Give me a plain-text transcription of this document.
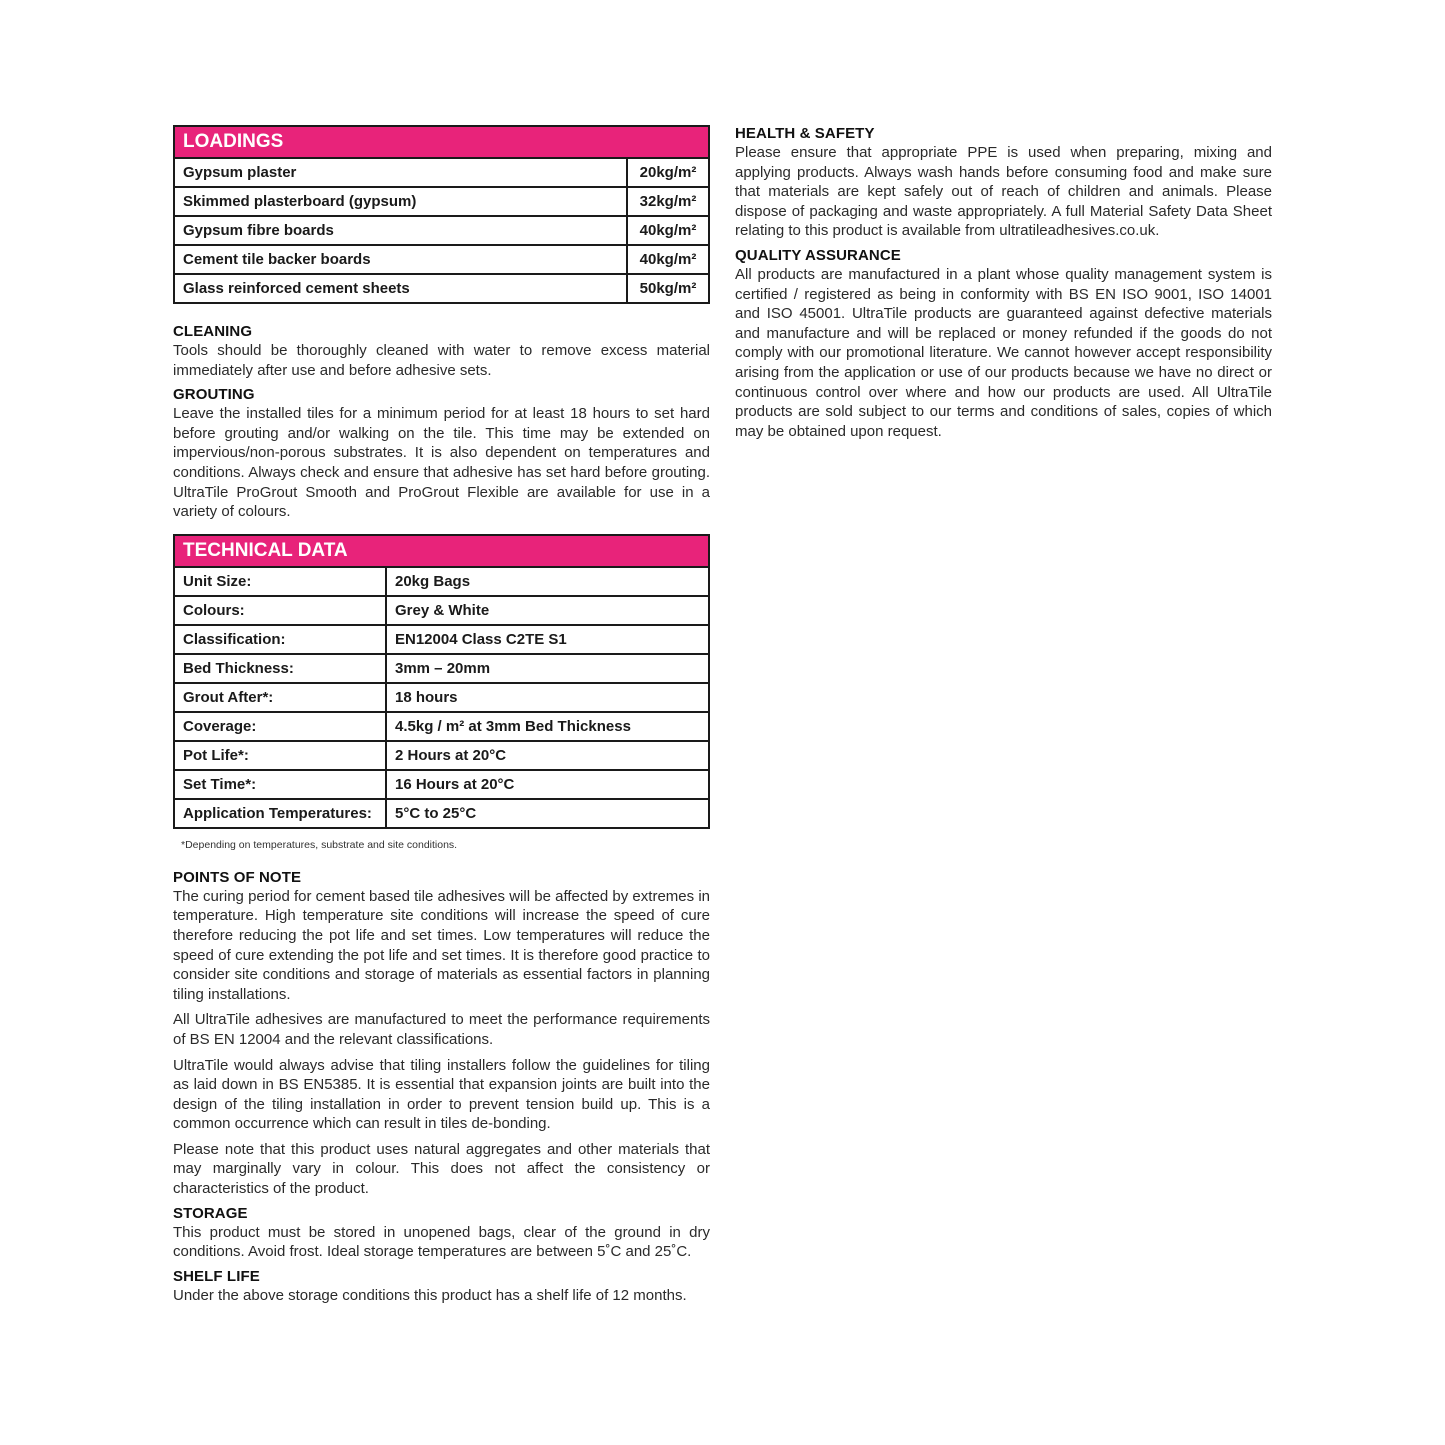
LOADINGS	
Gypsum plaster	20kg/m²
Skimmed plasterboard (gypsum)	32kg/m²
Gypsum fibre boards	40kg/m²
Cement tile backer boards	40kg/m²
Glass reinforced cement sheets	50kg/m²
CLEANING

Tools should be thoroughly cleaned with water to remove excess material immediately after use and before adhesive sets.

GROUTING

Leave the installed tiles for a minimum period for at least 18 hours to set hard before grouting and/or walking on the tile. This time may be extended on impervious/non-porous substrates. It is also dependent on temperatures and conditions. Always check and ensure that adhesive has set hard before grouting. UltraTile ProGrout Smooth and ProGrout Flexible are available for use in a variety of colours.

TECHNICAL DATA	
Unit Size:	20kg Bags
Colours:	Grey & White
Classification:	EN12004 Class C2TE S1
Bed Thickness:	3mm – 20mm
Grout After*:	18 hours
Coverage:	4.5kg / m² at 3mm Bed Thickness
Pot Life*:	2 Hours at 20°C
Set Time*:	16 Hours at 20°C
Application Temperatures:	5°C to 25°C
*Depending on temperatures, substrate and site conditions.
POINTS OF NOTE

The curing period for cement based tile adhesives will be affected by extremes in temperature. High temperature site conditions will increase the speed of cure therefore reducing the pot life and set times. Low temperatures will reduce the speed of cure extending the pot life and set times. It is therefore good practice to consider site conditions and storage of materials as essential factors in planning tiling installations.

All UltraTile adhesives are manufactured to meet the performance requirements of BS EN 12004 and the relevant classifications.

UltraTile would always advise that tiling installers follow the guidelines for tiling as laid down in BS EN5385. It is essential that expansion joints are built into the design of the tiling installation in order to prevent tension build up. This is a common occurrence which can result in tiles de-bonding.

Please note that this product uses natural aggregates and other materials that may marginally vary in colour. This does not affect the consistency or characteristics of the product.

STORAGE

This product must be stored in unopened bags, clear of the ground in dry conditions. Avoid frost. Ideal storage temperatures are between 5˚C and 25˚C.

SHELF LIFE

Under the above storage conditions this product has a shelf life of 12 months.

HEALTH & SAFETY

Please ensure that appropriate PPE is used when preparing, mixing and applying products. Always wash hands before consuming food and make sure that materials are kept safely out of reach of children and animals. Please dispose of packaging and waste appropriately. A full Material Safety Data Sheet relating to this product is available from ultratileadhesives.co.uk.

QUALITY ASSURANCE

All products are manufactured in a plant whose quality management system is certified / registered as being in conformity with BS EN ISO 9001, ISO 14001 and ISO 45001. UltraTile products are guaranteed against defective materials and manufacture and will be replaced or money refunded if the goods do not comply with our promotional literature. We cannot however accept responsibility arising from the application or use of our products because we have no direct or continuous control over where and how our products are used. All UltraTile products are sold subject to our terms and conditions of sales, copies of which may be obtained upon request.
